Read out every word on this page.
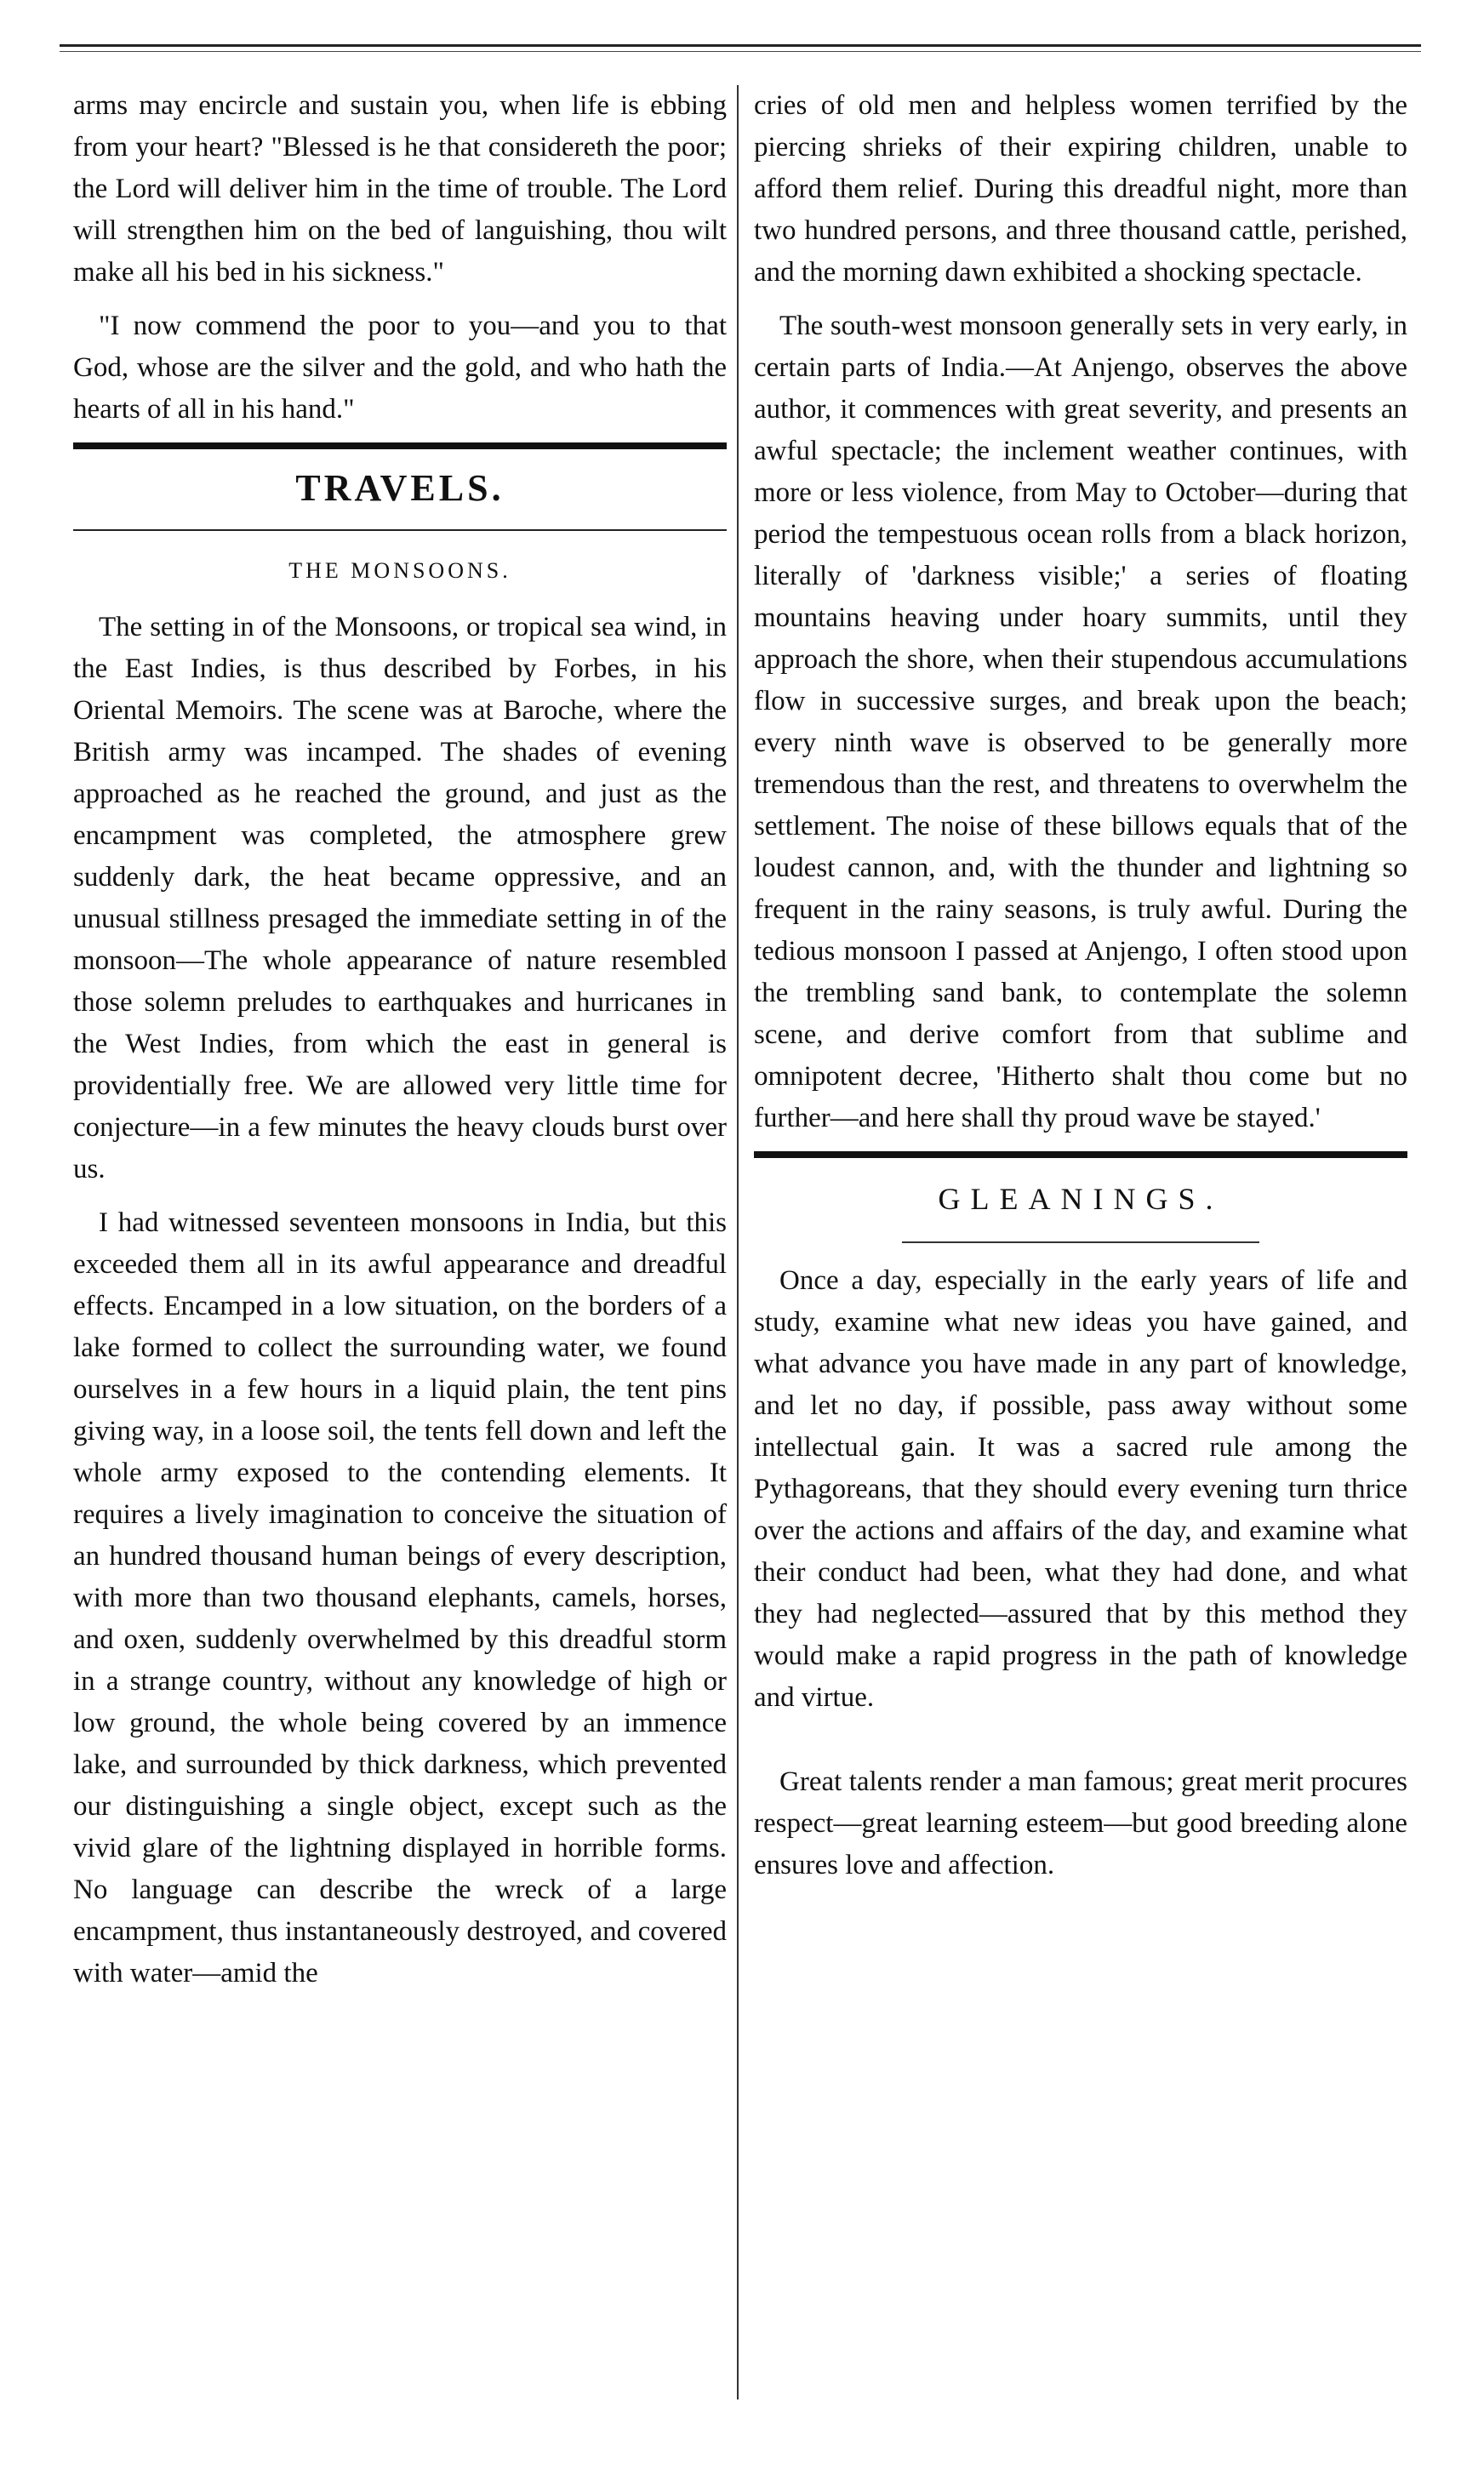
arms may encircle and sustain you, when life is ebbing from your heart? "Blessed is he that considereth the poor; the Lord will deliver him in the time of trouble. The Lord will strengthen him on the bed of languishing, thou wilt make all his bed in his sickness."

"I now commend the poor to you—and you to that God, whose are the silver and the gold, and who hath the hearts of all in his hand."

TRAVELS.
THE MONSOONS.

The setting in of the Monsoons, or tropical sea wind, in the East Indies, is thus described by Forbes, in his Oriental Memoirs. The scene was at Baroche, where the British army was incamped. The shades of evening approached as he reached the ground, and just as the encampment was completed, the atmosphere grew suddenly dark, the heat became oppressive, and an unusual stillness presaged the immediate setting in of the monsoon—The whole appearance of nature resembled those solemn preludes to earthquakes and hurricanes in the West Indies, from which the east in general is providentially free. We are allowed very little time for conjecture—in a few minutes the heavy clouds burst over us.

I had witnessed seventeen monsoons in India, but this exceeded them all in its awful appearance and dreadful effects. Encamped in a low situation, on the borders of a lake formed to collect the surrounding water, we found ourselves in a few hours in a liquid plain, the tent pins giving way, in a loose soil, the tents fell down and left the whole army exposed to the contending elements. It requires a lively imagination to conceive the situation of an hundred thousand human beings of every description, with more than two thousand elephants, camels, horses, and oxen, suddenly overwhelmed by this dreadful storm in a strange country, without any knowledge of high or low ground, the whole being covered by an immence lake, and surrounded by thick darkness, which prevented our distinguishing a single object, except such as the vivid glare of the lightning displayed in horrible forms. No language can describe the wreck of a large encampment, thus instantaneously destroyed, and covered with water—amid the

cries of old men and helpless women terrified by the piercing shrieks of their expiring children, unable to afford them relief. During this dreadful night, more than two hundred persons, and three thousand cattle, perished, and the morning dawn exhibited a shocking spectacle.

The south-west monsoon generally sets in very early, in certain parts of India.—At Anjengo, observes the above author, it commences with great severity, and presents an awful spectacle; the inclement weather continues, with more or less violence, from May to October—during that period the tempestuous ocean rolls from a black horizon, literally of 'darkness visible;' a series of floating mountains heaving under hoary summits, until they approach the shore, when their stupendous accumulations flow in successive surges, and break upon the beach; every ninth wave is observed to be generally more tremendous than the rest, and threatens to overwhelm the settlement. The noise of these billows equals that of the loudest cannon, and, with the thunder and lightning so frequent in the rainy seasons, is truly awful. During the tedious monsoon I passed at Anjengo, I often stood upon the trembling sand bank, to contemplate the solemn scene, and derive comfort from that sublime and omnipotent decree, 'Hitherto shalt thou come but no further—and here shall thy proud wave be stayed.'

GLEANINGS.

Once a day, especially in the early years of life and study, examine what new ideas you have gained, and what advance you have made in any part of knowledge, and let no day, if possible, pass away without some intellectual gain. It was a sacred rule among the Pythagoreans, that they should every evening turn thrice over the actions and affairs of the day, and examine what their conduct had been, what they had done, and what they had neglected—assured that by this method they would make a rapid progress in the path of knowledge and virtue.

Great talents render a man famous; great merit procures respect—great learning esteem—but good breeding alone ensures love and affection.
